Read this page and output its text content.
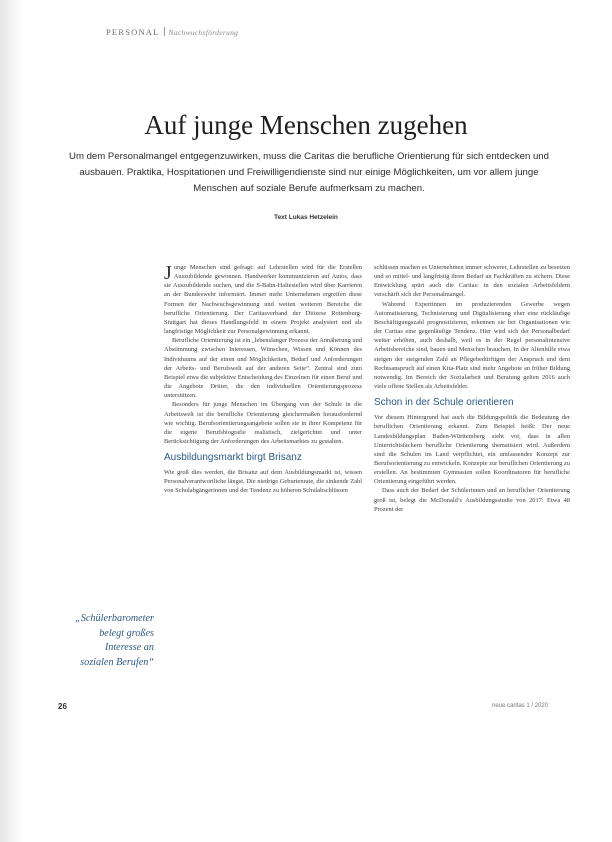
PERSONAL Nachwuchsförderung
Auf junge Menschen zugehen
Um dem Personalmangel entgegenzuwirken, muss die Caritas die berufliche Orientierung für sich entdecken und ausbauen. Praktika, Hospitationen und Freiwilligendienste sind nur einige Möglichkeiten, um vor allem junge Menschen auf soziale Berufe aufmerksam zu machen.
Text Lukas Hetzelein

Junge Menschen sind gefragt: auf Lehrstellen wird für die Erstellen Auszubildende gewonnen. Handwerker kommunizieren auf Autos, dass sie Auszubildende suchen, und die S-Bahn-Haltestellen wird über Karrieren an der Bundeswehr informiert. Immer mehr Unternehmen ergreifen diese Formen der Nachwuchsgewinnung und weiten weiteren Bereiche die berufliche Orientierung. Der Caritasverband der Diözese Rottenburg-Stuttgart hat dieses Handlungsfeld in einem Projekt analysiert und als langfristige Möglichkeit zur Personalgewinnung erkannt.

Berufliche Orientierung ist ein „lebenslanger Prozess der Annäherung und Abstimmung zwischen Interessen, Wünschen, Wissen und Können des Individuums auf der einen und Möglichkeiten, Bedarf und Anforderungen der Arbeits- und Berufswelt auf der anderen Seite“. Zentral sind zum Beispiel etwa die subjektive Entscheidung des Einzelnen für einen Beruf und die Angebote Dritter, die den individuellen Orientierungsprozess unterstützen.

Besonders für junge Menschen im Übergang von der Schule in die Arbeitswelt ist die berufliche Orientierung gleichermaßen herausfordernd wie wichtig. Berufsorientierungsangebote sollen sie in ihrer Kompetenz für die eigene Berufsbiografie realistisch, zielgerichtet und unter Berücksichtigung der Anforderungen des Arbeitsmarktes zu gestalten.

Ausbildungsmarkt birgt Brisanz

Wie groß dies werden, die Brisanz auf dem Ausbildungsmarkt ist, wissen Personalverantwortliche längst. Die niedrige Geburtenrate, die sinkende Zahl von Schulabgängerinnen und der Tendenz zu höheren Schulabschlüssen

schlüssen machen es Unternehmen immer schwerer, Lehrstellen zu besetzen und so mittel- und langfristig ihren Bedarf an Fachkräften zu sichern. Diese Entwicklung spürt auch die Caritas: in den sozialen Arbeitsfeldern verschärft sich der Personalmangel.

Während Expertinnen im produzierenden Gewerbe wegen Automatisierung, Technisierung und Digitalisierung eher eine rückläufige Beschäftigungszahl prognostizieren, erkennen sie bei Organisationen wie der Caritas eine gegenläufige Tendenz. Hier wird sich der Personalbedarf weiter erhöhen, auch deshalb, weil es in der Regel personalintensive Arbeitsbereiche sind, bauen und Menschen brauchen. In der Altenhilfe etwa steigen der steigenden Zahl an Pflegebedürftigen der Anspruch und dem Rechtsanspruch auf einen Kita-Platz sind mehr Angebote an früher Bildung notwendig. Im Bereich der Sozialarbeit und Beratung gelten 2016 auch viele offene Stellen als Arbeitsfelder.

Schon in der Schule orientieren

Vor diesem Hintergrund hat auch die Bildungspolitik die Bedeutung der beruflichen Orientierung erkannt. Zum Beispiel heißt: Der neue Landesbildungsplan Baden-Württemberg sieht vor, dass in allen Unterrichtsfächern berufliche Orientierung thematisiert wird. Außerdem sind die Schulen im Land verpflichtet, ein umfassendes Konzept zur Berufsorientierung zu entwickeln. Konzepte zur beruflichen Orientierung zu erstellen. An bestimmten Gymnasien sollen Koordinatoren für berufliche Orientierung eingeführt werden.

Dass auch der Bedarf der Schülerinnen und an beruflicher Orientierung groß ist, belegt die McDonald’s Ausbildungsstudie von 2017: Etwa 48 Prozent der

„Schülerbarometer
belegt großes
Interesse an
sozialen Berufen“
26	neue caritas 1 / 2020
